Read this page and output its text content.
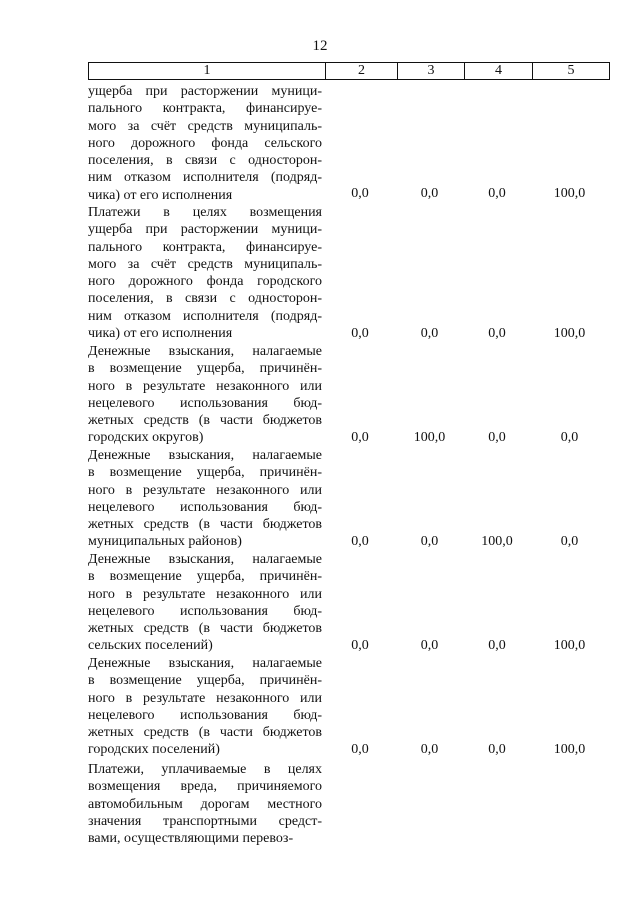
12
1	2	3	4	5
ущерба при расторжении муници-
пального контракта, финансируе-
мого за счёт средств муниципаль-
ного дорожного фонда сельского
поселения, в связи с односторон-
ним отказом исполнителя (подряд-
чика) от его исполнения	0,0	0,0	0,0	100,0
Платежи в целях возмещения
ущерба при расторжении муници-
пального контракта, финансируе-
мого за счёт средств муниципаль-
ного дорожного фонда городского
поселения, в связи с односторон-
ним отказом исполнителя (подряд-
чика) от его исполнения	0,0	0,0	0,0	100,0
Денежные взыскания, налагаемые
в возмещение ущерба, причинён-
ного в результате незаконного или
нецелевого использования бюд-
жетных средств (в части бюджетов
городских округов)	0,0	100,0	0,0	0,0
Денежные взыскания, налагаемые
в возмещение ущерба, причинён-
ного в результате незаконного или
нецелевого использования бюд-
жетных средств (в части бюджетов
муниципальных районов)	0,0	0,0	100,0	0,0
Денежные взыскания, налагаемые
в возмещение ущерба, причинён-
ного в результате незаконного или
нецелевого использования бюд-
жетных средств (в части бюджетов
сельских поселений)	0,0	0,0	0,0	100,0
Денежные взыскания, налагаемые
в возмещение ущерба, причинён-
ного в результате незаконного или
нецелевого использования бюд-
жетных средств (в части бюджетов
городских поселений)	0,0	0,0	0,0	100,0
Платежи, уплачиваемые в целях
возмещения вреда, причиняемого
автомобильным дорогам местного
значения транспортными средст-
вами, осуществляющими перевоз-
